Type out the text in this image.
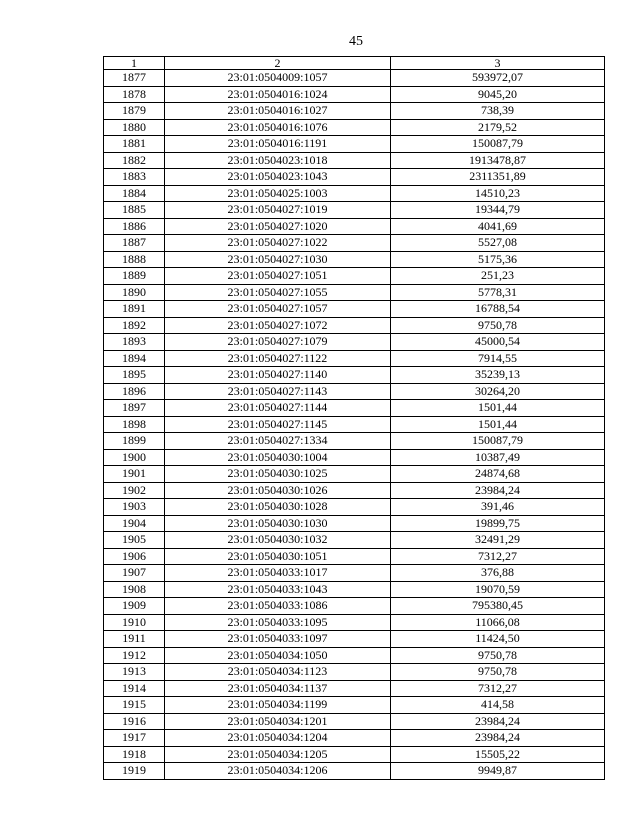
45
1	2	3
1877	23:01:0504009:1057	593972,07
1878	23:01:0504016:1024	9045,20
1879	23:01:0504016:1027	738,39
1880	23:01:0504016:1076	2179,52
1881	23:01:0504016:1191	150087,79
1882	23:01:0504023:1018	1913478,87
1883	23:01:0504023:1043	2311351,89
1884	23:01:0504025:1003	14510,23
1885	23:01:0504027:1019	19344,79
1886	23:01:0504027:1020	4041,69
1887	23:01:0504027:1022	5527,08
1888	23:01:0504027:1030	5175,36
1889	23:01:0504027:1051	251,23
1890	23:01:0504027:1055	5778,31
1891	23:01:0504027:1057	16788,54
1892	23:01:0504027:1072	9750,78
1893	23:01:0504027:1079	45000,54
1894	23:01:0504027:1122	7914,55
1895	23:01:0504027:1140	35239,13
1896	23:01:0504027:1143	30264,20
1897	23:01:0504027:1144	1501,44
1898	23:01:0504027:1145	1501,44
1899	23:01:0504027:1334	150087,79
1900	23:01:0504030:1004	10387,49
1901	23:01:0504030:1025	24874,68
1902	23:01:0504030:1026	23984,24
1903	23:01:0504030:1028	391,46
1904	23:01:0504030:1030	19899,75
1905	23:01:0504030:1032	32491,29
1906	23:01:0504030:1051	7312,27
1907	23:01:0504033:1017	376,88
1908	23:01:0504033:1043	19070,59
1909	23:01:0504033:1086	795380,45
1910	23:01:0504033:1095	11066,08
1911	23:01:0504033:1097	11424,50
1912	23:01:0504034:1050	9750,78
1913	23:01:0504034:1123	9750,78
1914	23:01:0504034:1137	7312,27
1915	23:01:0504034:1199	414,58
1916	23:01:0504034:1201	23984,24
1917	23:01:0504034:1204	23984,24
1918	23:01:0504034:1205	15505,22
1919	23:01:0504034:1206	9949,87
